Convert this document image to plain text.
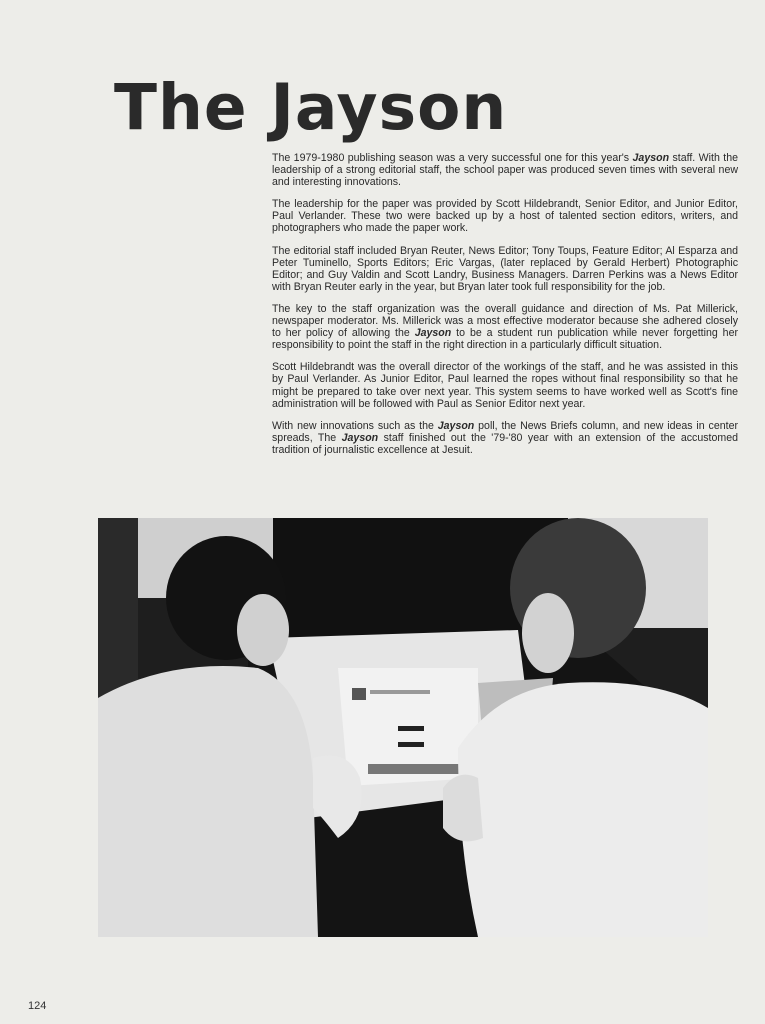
The Jayson

The 1979-1980 publishing season was a very successful one for this year's Jayson staff. With the leadership of a strong editorial staff, the school paper was produced seven times with several new and interesting innovations.

The leadership for the paper was provided by Scott Hildebrandt, Senior Editor, and Junior Editor, Paul Verlander. These two were backed up by a host of talented section editors, writers, and photographers who made the paper work.

The editorial staff included Bryan Reuter, News Editor; Tony Toups, Feature Editor; Al Esparza and Peter Tuminello, Sports Editors; Eric Vargas, (later replaced by Gerald Herbert) Photographic Editor; and Guy Valdin and Scott Landry, Business Managers. Darren Perkins was a News Editor with Bryan Reuter early in the year, but Bryan later took full responsibility for the job.

The key to the staff organization was the overall guidance and direction of Ms. Pat Millerick, newspaper moderator. Ms. Millerick was a most effective moderator because she adhered closely to her policy of allowing the Jayson to be a student run publication while never forgetting her responsibility to point the staff in the right direction in a particularly difficult situation.

Scott Hildebrandt was the overall director of the workings of the staff, and he was assisted in this by Paul Verlander. As Junior Editor, Paul learned the ropes without final responsibility so that he might be prepared to take over next year. This system seems to have worked well as Scott's fine administration will be followed with Paul as Senior Editor next year.

With new innovations such as the Jayson poll, the News Briefs column, and new ideas in center spreads, The Jayson staff finished out the '79-'80 year with an extension of the accustomed tradition of journalistic excellence at Jesuit.

124
